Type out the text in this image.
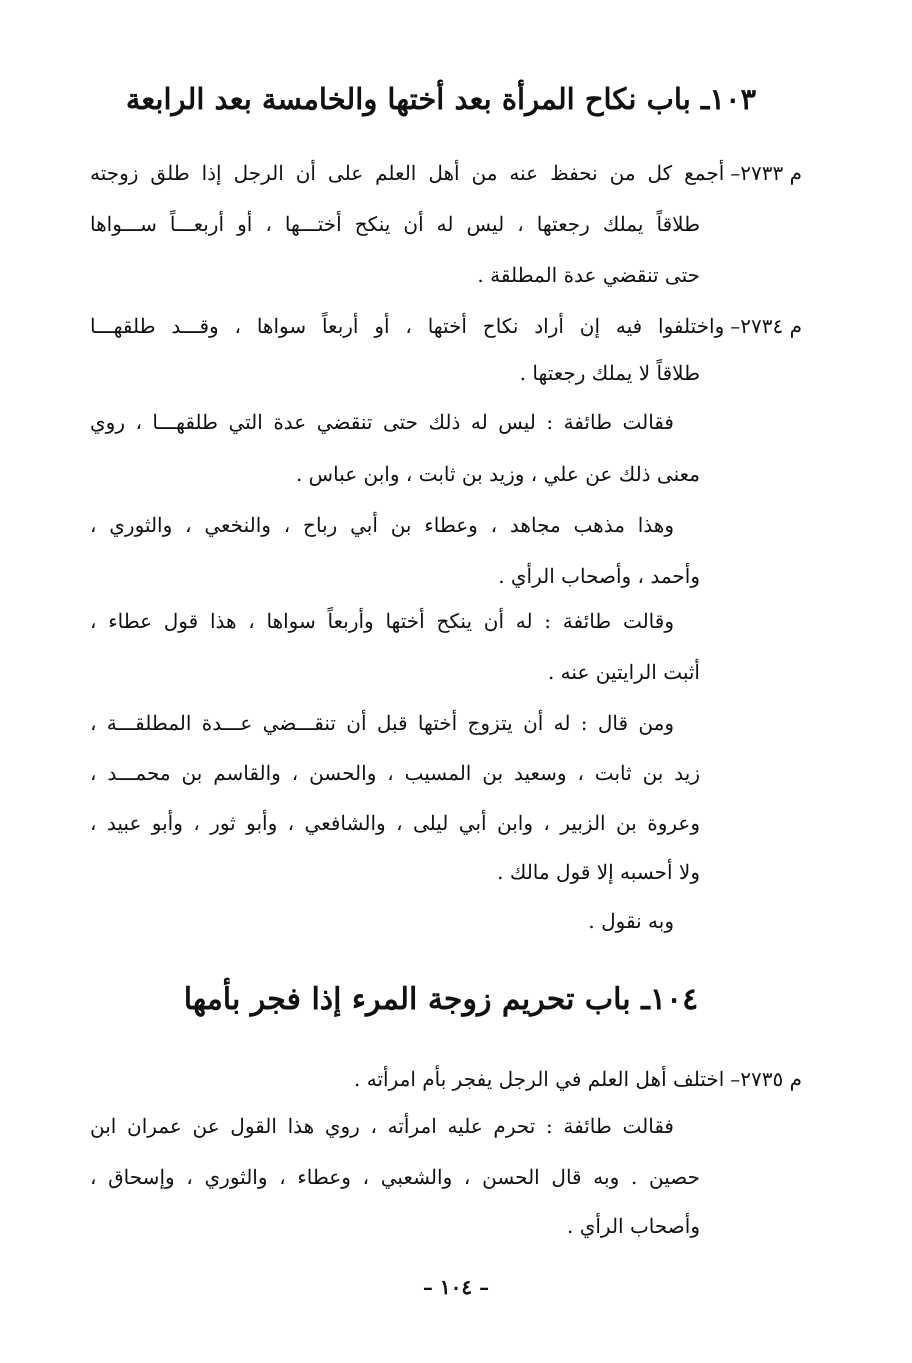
١٠٣ـ باب نكاح المرأة بعد أختها والخامسة بعد الرابعة
م ٢٧٣٣–أجمع كل من نحفظ عنه من أهل العلم على أن الرجل إذا طلق زوجته
طلاقاً يملك رجعتها ، ليس له أن ينكح أختـــها ، أو أربعـــاً ســـواها
حتى تنقضي عدة المطلقة .
م ٢٧٣٤–واختلفوا فيه إن أراد نكاح أختها ، أو أربعاً سواها ، وقـــد طلقهـــا
طلاقاً لا يملك رجعتها .
فقالت طائفة : ليس له ذلك حتى تنقضي عدة التي طلقهـــا ، روي
معنى ذلك عن علي ، وزيد بن ثابت ، وابن عباس .
وهذا مذهب مجاهد ، وعطاء بن أبي رباح ، والنخعي ، والثوري ،
وأحمد ، وأصحاب الرأي .
وقالت طائفة : له أن ينكح أختها وأربعاً سواها ، هذا قول عطاء ،
أثبت الرايتين عنه .
ومن قال : له أن يتزوج أختها قبل أن تنقـــضي عـــدة المطلقـــة ،
زيد بن ثابت ، وسعيد بن المسيب ، والحسن ، والقاسم بن محمـــد ،
وعروة بن الزبير ، وابن أبي ليلى ، والشافعي ، وأبو ثور ، وأبو عبيد ،
ولا أحسبه إلا قول مالك .
وبه نقول .
١٠٤ـ باب تحريم زوجة المرء إذا فجر بأمها
م ٢٧٣٥–اختلف أهل العلم في الرجل يفجر بأم امرأته .
فقالت طائفة : تحرم عليه امرأته ، روي هذا القول عن عمران ابن
حصين . وبه قال الحسن ، والشعبي ، وعطاء ، والثوري ، وإسحاق ،
وأصحاب الرأي .
– ١٠٤ –
